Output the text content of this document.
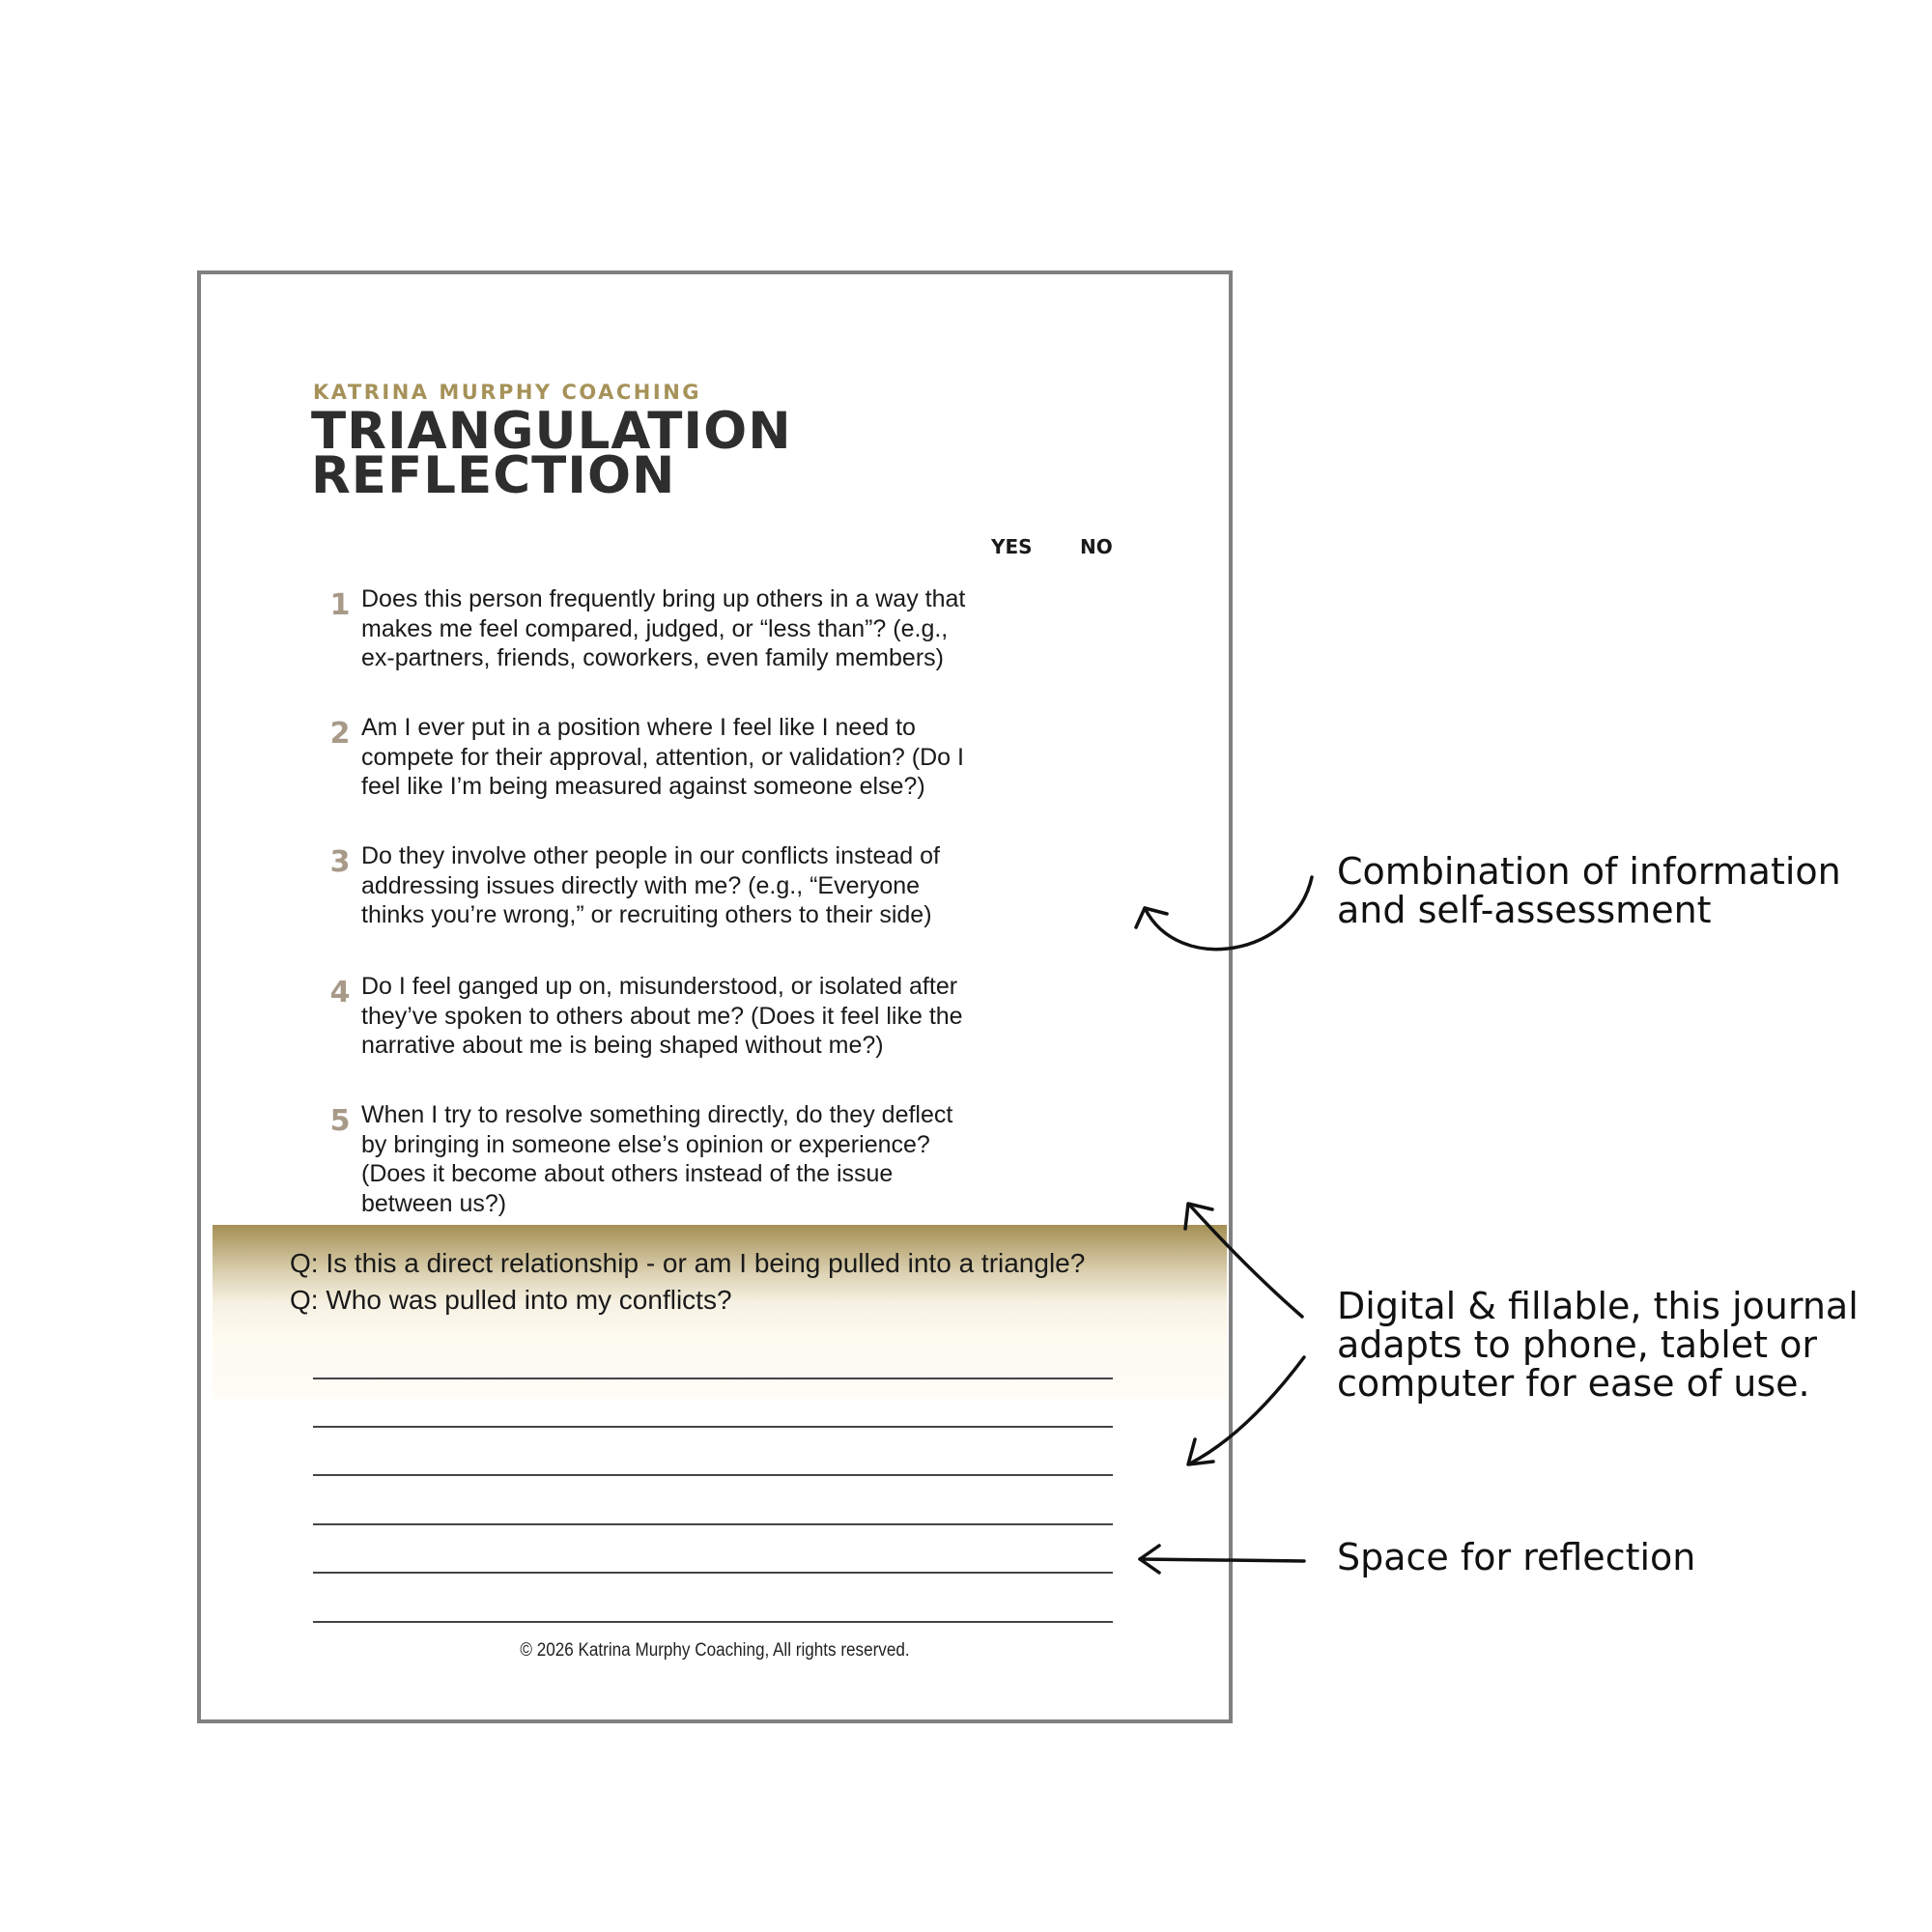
KATRINA MURPHY COACHING
TRIANGULATION
REFLECTION
YES NO
1 Does this person frequently bring up others in a way that makes me feel compared, judged, or “less than”? (e.g., ex-partners, friends, coworkers, even family members)
2 Am I ever put in a position where I feel like I need to compete for their approval, attention, or validation? (Do I feel like I’m being measured against someone else?)
3 Do they involve other people in our conflicts instead of addressing issues directly with me? (e.g., “Everyone thinks you’re wrong,” or recruiting others to their side)
4 Do I feel ganged up on, misunderstood, or isolated after they’ve spoken to others about me? (Does it feel like the narrative about me is being shaped without me?)
5 When I try to resolve something directly, do they deflect by bringing in someone else’s opinion or experience? (Does it become about others instead of the issue between us?)
Q: Is this a direct relationship - or am I being pulled into a triangle?
Q: Who was pulled into my conflicts?
© 2026 Katrina Murphy Coaching, All rights reserved.
Combination of information
and self-assessment
Digital & fillable, this journal
adapts to phone, tablet or
computer for ease of use.
Space for reflection
